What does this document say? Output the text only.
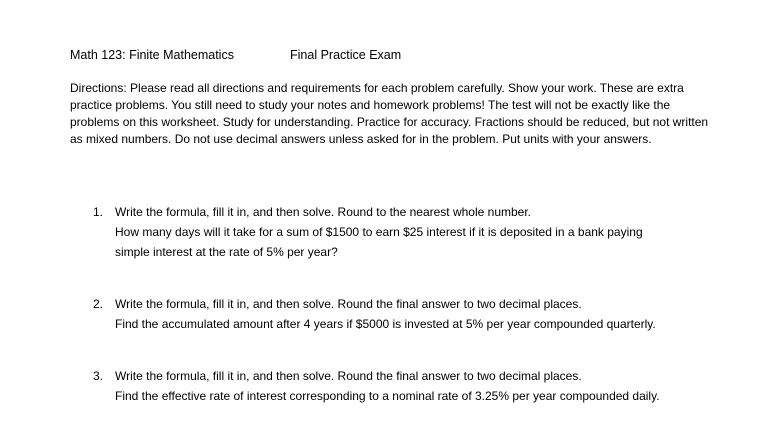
Math 123: Finite Mathematics	Final Practice Exam

Directions: Please read all directions and requirements for each problem carefully. Show your work. These are extra practice problems. You still need to study your notes and homework problems! The test will not be exactly like the problems on this worksheet. Study for understanding. Practice for accuracy. Fractions should be reduced, but not written as mixed numbers. Do not use decimal answers unless asked for in the problem. Put units with your answers.

1. Write the formula, fill it in, and then solve. Round to the nearest whole number.
How many days will it take for a sum of $1500 to earn $25 interest if it is deposited in a bank paying
simple interest at the rate of 5% per year?
2. Write the formula, fill it in, and then solve. Round the final answer to two decimal places.
Find the accumulated amount after 4 years if $5000 is invested at 5% per year compounded quarterly.
3. Write the formula, fill it in, and then solve. Round the final answer to two decimal places.
Find the effective rate of interest corresponding to a nominal rate of 3.25% per year compounded daily.
